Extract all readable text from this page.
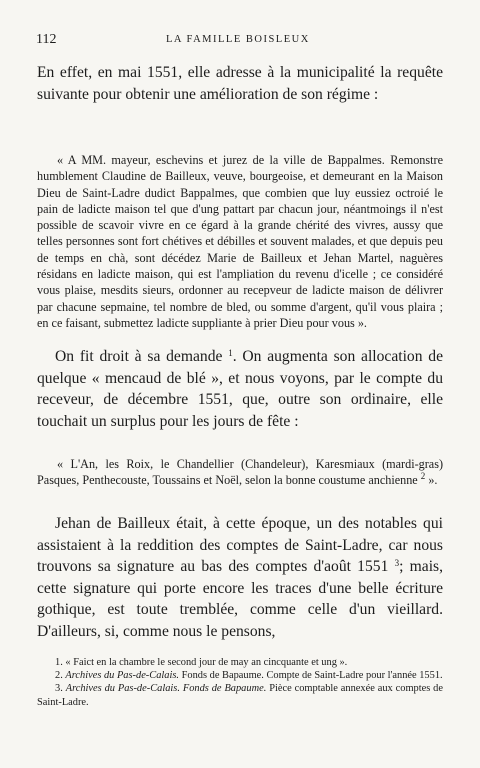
112	LA FAMILLE BOISLEUX

En effet, en mai 1551, elle adresse à la municipalité la requête suivante pour obtenir une amélioration de son régime :

« A MM. mayeur, eschevins et jurez de la ville de Bappalmes. Remonstre humblement Claudine de Bailleux, veuve, bourgeoise, et demeurant en la Maison Dieu de Saint-Ladre dudict Bappalmes, que combien que luy eussiez octroié le pain de ladicte maison tel que d'ung pattart par chacun jour, néantmoings il n'est possible de scavoir vivre en ce égard à la grande chérité des vivres, aussy que telles personnes sont fort chétives et débilles et souvent malades, et que depuis peu de temps en chà, sont décédez Marie de Bailleux et Jehan Martel, naguères résidans en ladicte maison, qui est l'ampliation du revenu d'icelle ; ce considéré vous plaise, mesdits sieurs, ordonner au recepveur de ladicte maison de délivrer par chacune sepmaine, tel nombre de bled, ou somme d'argent, qu'il vous plaira ; en ce faisant, submettez ladicte suppliante à prier Dieu pour vous ».

On fit droit à sa demande $^1$. On augmenta son allocation de quelque « mencaud de blé », et nous voyons, par le compte du receveur, de décembre 1551, que, outre son ordinaire, elle touchait un surplus pour les jours de fête :

« L'An, les Roix, le Chandellier (Chandeleur), Karesmiaux (mardi-gras) Pasques, Penthecouste, Toussains et Noël, selon la bonne coustume anchienne $^2$ ».

Jehan de Bailleux était, à cette époque, un des notables qui assistaient à la reddition des comptes de Saint-Ladre, car nous trouvons sa signature au bas des comptes d'août 1551 $^3$; mais, cette signature qui porte encore les traces d'une belle écriture gothique, est toute tremblée, comme celle d'un vieillard. D'ailleurs, si, comme nous le pensons,

1. « Faict en la chambre le second jour de may an cincquante et ung ».
2. Archives du Pas-de-Calais. Fonds de Bapaume. Compte de Saint-Ladre pour l'année 1551.
3. Archives du Pas-de-Calais. Fonds de Bapaume. Pièce comptable annexée aux comptes de Saint-Ladre.
